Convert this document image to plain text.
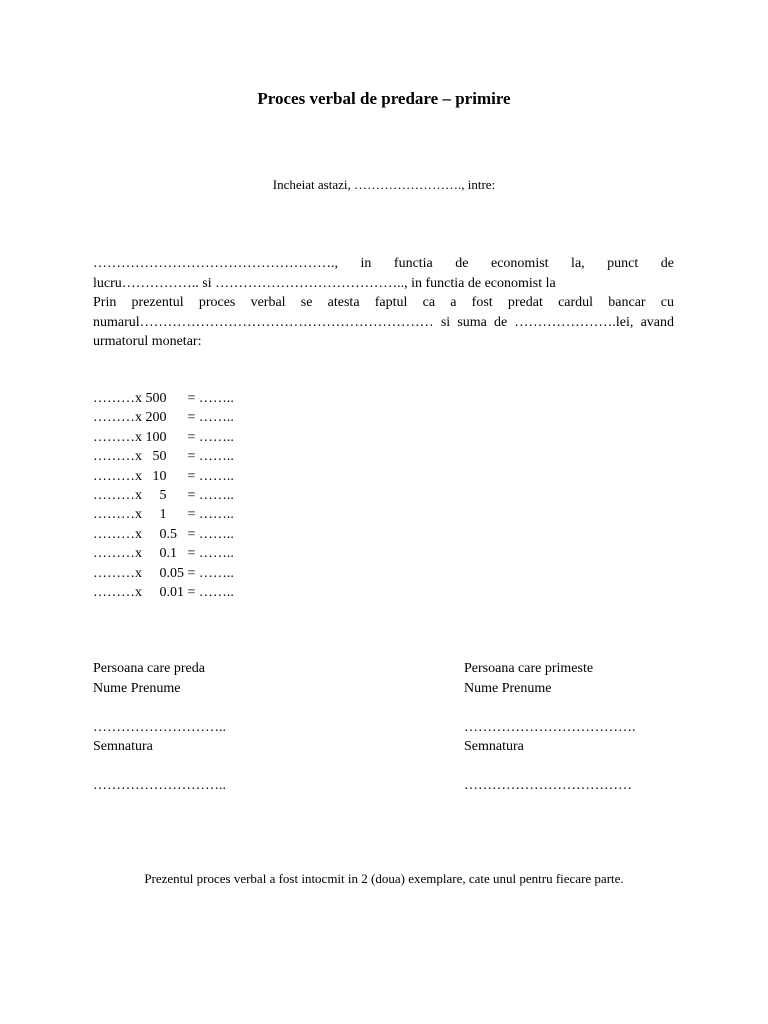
Proces verbal de predare – primire
Incheiat astazi, ……………………., intre:
……………………………………………., in functia de economist la, punct de
lucru…………….. si ………………………………….., in functia de economist la
Prin prezentul proces verbal se atesta faptul ca a fost predat cardul bancar cu numarul……………………………………………………… si suma de ………………….lei, avand urmatorul monetar:
………x 500      = ……..
………x 200      = ……..
………x 100      = ……..
………x   50      = ……..
………x   10      = ……..
………x     5      = ……..
………x     1      = ……..
………x     0.5   = ……..
………x     0.1   = ……..
………x     0.05 = ……..
………x     0.01 = ……..
Persoana care preda
Nume Prenume
………………………..
Semnatura
………………………..
Persoana care primeste
Nume Prenume
……………………………….
Semnatura
………………………………
Prezentul proces verbal a fost intocmit in 2 (doua) exemplare, cate unul pentru fiecare parte.
